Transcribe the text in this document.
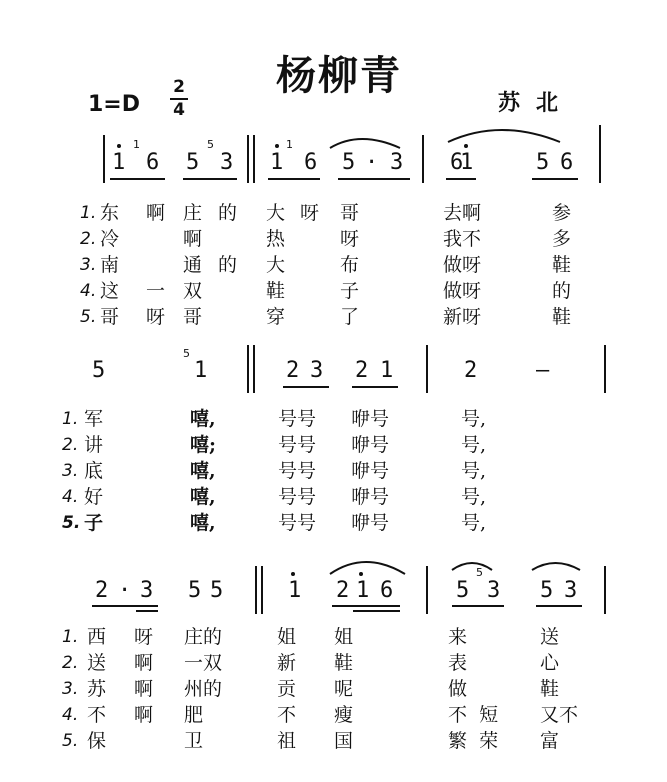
杨柳青
1=D
2
4	苏北
1	5	1
1 6 5 3 1 6 5 · 3 6
1	5 6
1. 东 啊 庄 的 大 呀 哥	去啊	参
2. 冷	啊	热	呀	我不	多
3. 南	通 的 大	布	做呀	鞋
4. 这 一 双	鞋	子	做呀	的
5. 哥 呀 哥	穿	了	新呀	鞋
5
5	1	2 3 2 1	2	—
1. 军	嘻,	号号 咿号	号,
2. 讲	嘻;	号号 咿号	号,
3. 底	嘻,	号号 咿号	号,
4. 好	嘻,	号号 咿号	号,
5. 子	嘻,	号号 咿号	号,
5
2 · 3 5 5	1 2 1 6	5 3 5 3
1. 西 呀 庄的	姐 姐	来	送
2. 送 啊 一双	新 鞋	表	心
3. 苏 啊 州的	贡 呢	做	鞋
4. 不 啊 肥	不 瘦	不  短 又不
5. 保	卫	祖 国	繁  荣 富
